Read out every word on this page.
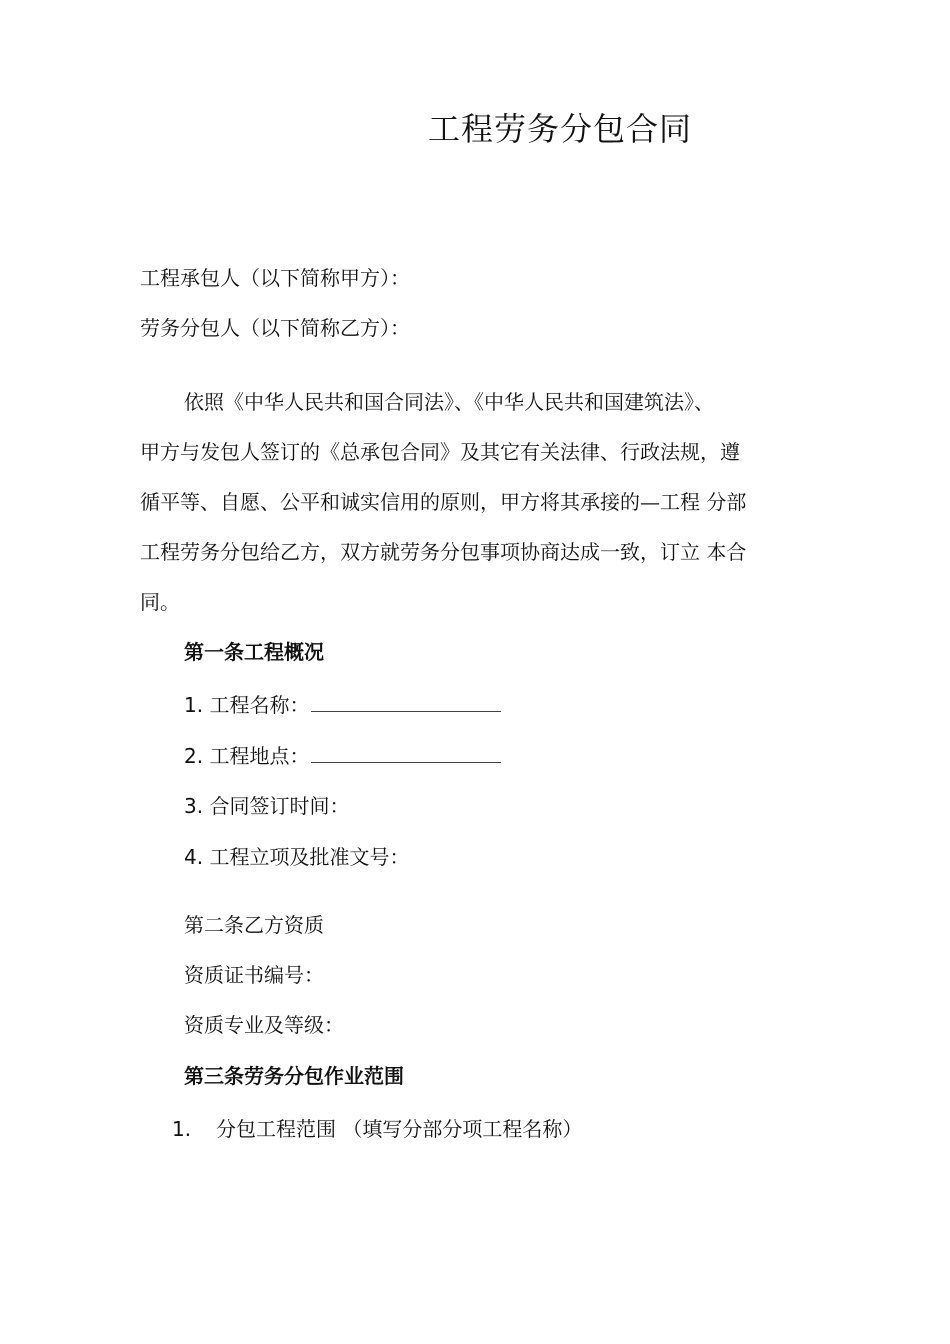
工程劳务分包合同
工程承包人（以下简称甲方）：
劳务分包人（以下简称乙方）：
依照《中华人民共和国合同法》、《中华人民共和国建筑法》、
甲方与发包人签订的《总承包合同》及其它有关法律、行政法规，遵
循平等、自愿、公平和诚实信用的原则，甲方将其承接的—工程 分部
工程劳务分包给乙方，双方就劳务分包事项协商达成一致，订立 本合
同。
第一条工程概况
1. 工程名称：
2. 工程地点：
3. 合同签订时间：
4. 工程立项及批准文号：
第二条乙方资质
资质证书编号：
资质专业及等级：
第三条劳务分包作业范围
1. 分包工程范围 （填写分部分项工程名称）
